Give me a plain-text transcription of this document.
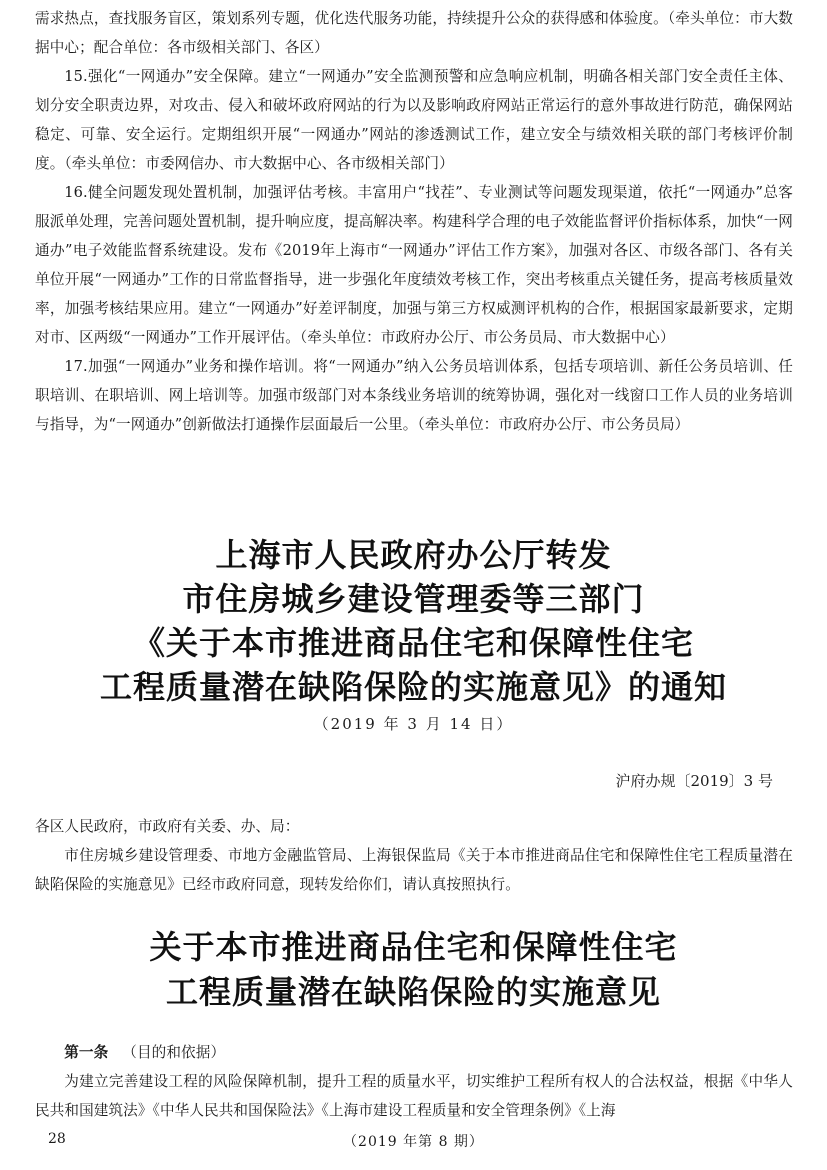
需求热点，查找服务盲区，策划系列专题，优化迭代服务功能，持续提升公众的获得感和体验度。（牵头单位：市大数据中心；配合单位：各市级相关部门、各区）

15.强化“一网通办”安全保障。建立“一网通办”安全监测预警和应急响应机制，明确各相关部门安全责任主体、划分安全职责边界，对攻击、侵入和破坏政府网站的行为以及影响政府网站正常运行的意外事故进行防范，确保网站稳定、可靠、安全运行。定期组织开展“一网通办”网站的渗透测试工作，建立安全与绩效相关联的部门考核评价制度。（牵头单位：市委网信办、市大数据中心、各市级相关部门）

16.健全问题发现处置机制，加强评估考核。丰富用户“找茬”、专业测试等问题发现渠道，依托“一网通办”总客服派单处理，完善问题处置机制，提升响应度，提高解决率。构建科学合理的电子效能监督评价指标体系，加快“一网通办”电子效能监督系统建设。发布《2019年上海市“一网通办”评估工作方案》，加强对各区、市级各部门、各有关单位开展“一网通办”工作的日常监督指导，进一步强化年度绩效考核工作，突出考核重点关键任务，提高考核质量效率，加强考核结果应用。建立“一网通办”好差评制度，加强与第三方权威测评机构的合作，根据国家最新要求，定期对市、区两级“一网通办”工作开展评估。（牵头单位：市政府办公厅、市公务员局、市大数据中心）

17.加强“一网通办”业务和操作培训。将“一网通办”纳入公务员培训体系，包括专项培训、新任公务员培训、任职培训、在职培训、网上培训等。加强市级部门对本条线业务培训的统筹协调，强化对一线窗口工作人员的业务培训与指导，为“一网通办”创新做法打通操作层面最后一公里。（牵头单位：市政府办公厅、市公务员局）

上海市人民政府办公厅转发
市住房城乡建设管理委等三部门
《关于本市推进商品住宅和保障性住宅
工程质量潜在缺陷保险的实施意见》的通知
（2019 年 3 月 14 日）
沪府办规〔2019〕3 号

各区人民政府，市政府有关委、办、局：

市住房城乡建设管理委、市地方金融监管局、上海银保监局《关于本市推进商品住宅和保障性住宅工程质量潜在缺陷保险的实施意见》已经市政府同意，现转发给你们，请认真按照执行。

关于本市推进商品住宅和保障性住宅
工程质量潜在缺陷保险的实施意见

第一条 （目的和依据）

为建立完善建设工程的风险保障机制，提升工程的质量水平，切实维护工程所有权人的合法权益，根据《中华人民共和国建筑法》《中华人民共和国保险法》《上海市建设工程质量和安全管理条例》《上海

（2019 年第 8 期）
28
